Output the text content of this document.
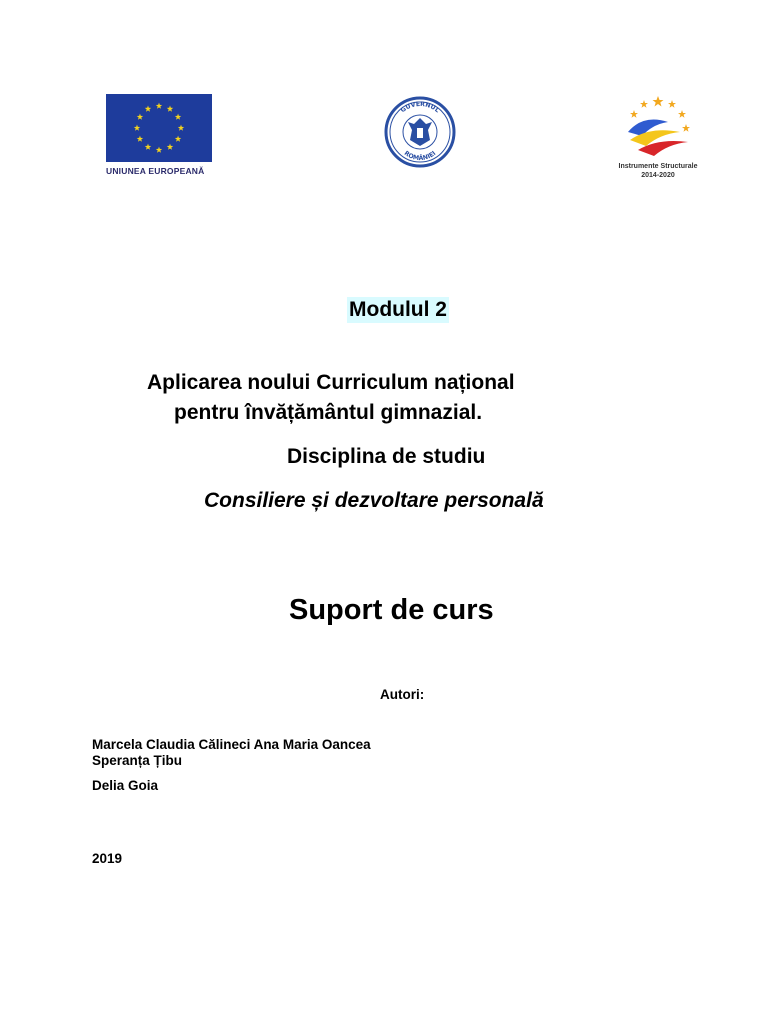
UNIUNEA EUROPEANĂ
GUVERNUL
ROMÂNIEI
Instrumente Structurale
2014-2020
Modulul 2
Aplicarea noului Curriculum național
pentru învățământul gimnazial.
Disciplina de studiu
Consiliere și dezvoltare personală
Suport de curs
Autori:
Marcela Claudia Călineci Ana Maria Oancea
Speranța Țibu
Delia Goia
2019
